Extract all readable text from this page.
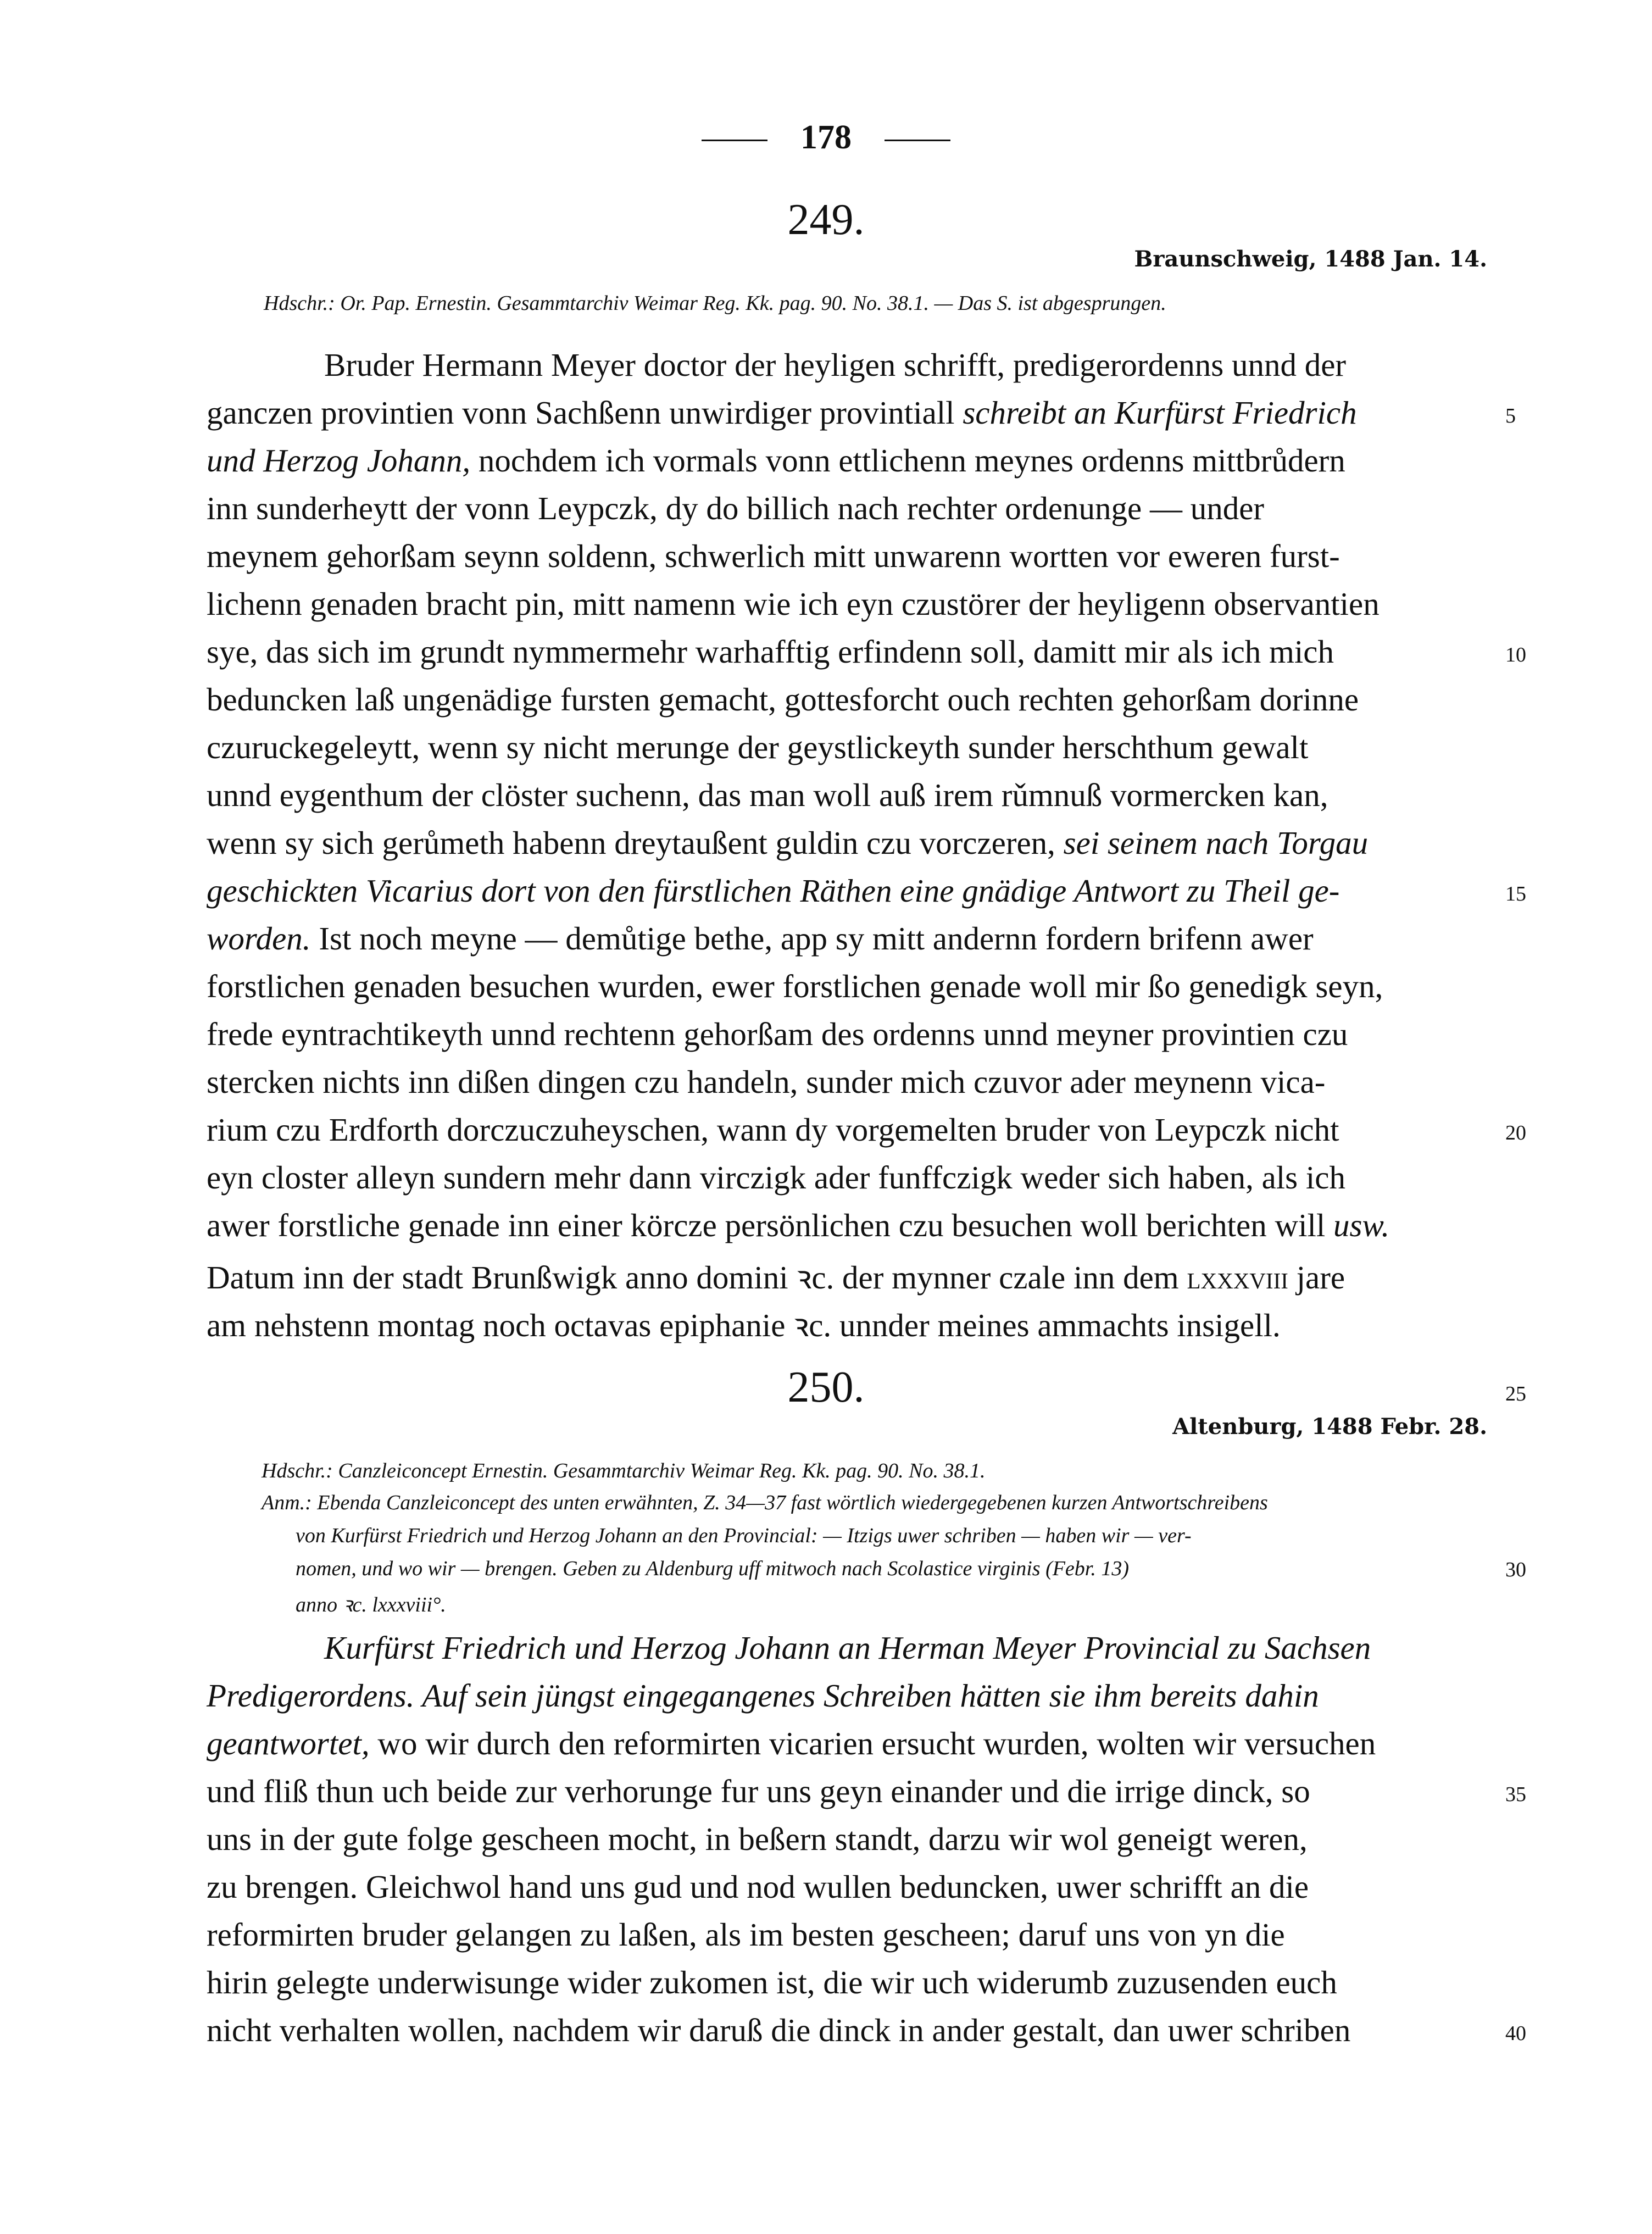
178
249.
Braunschweig, 1488 Jan. 14.
Hdschr.: Or. Pap. Ernestin. Gesammtarchiv Weimar Reg. Kk. pag. 90. No. 38.1. — Das S. ist abgesprungen.
Bruder Hermann Meyer doctor der heyligen schrifft, predigerordenns unnd der
ganczen provintien vonn Sachßenn unwirdiger provintiall schreibt an Kurfürst Friedrich
und Herzog Johann, nochdem ich vormals vonn ettlichenn meynes ordenns mittbrůdern
inn sunderheytt der vonn Leypczk, dy do billich nach rechter ordenunge — under
meynem gehorßam seynn soldenn, schwerlich mitt unwarenn wortten vor eweren furst-
lichenn genaden bracht pin, mitt namenn wie ich eyn czustörer der heyligenn observantien
sye, das sich im grundt nymmermehr warhafftig erfindenn soll, damitt mir als ich mich
beduncken laß ungenädige fursten gemacht, gottesforcht ouch rechten gehorßam dorinne
czuruckegeleytt, wenn sy nicht merunge der geystlickeyth sunder herschthum gewalt
unnd eygenthum der clöster suchenn, das man woll auß irem rǔmnuß vormercken kan,
wenn sy sich gerůmeth habenn dreytaußent guldin czu vorczeren, sei seinem nach Torgau
geschickten Vicarius dort von den fürstlichen Räthen eine gnädige Antwort zu Theil ge-
worden. Ist noch meyne — demůtige bethe, app sy mitt andernn fordern brifenn awer
forstlichen genaden besuchen wurden, ewer forstlichen genade woll mir ßo genedigk seyn,
frede eyntrachtikeyth unnd rechtenn gehorßam des ordenns unnd meyner provintien czu
stercken nichts inn dißen dingen czu handeln, sunder mich czuvor ader meynenn vica-
rium czu Erdforth dorczuczuheyschen, wann dy vorgemelten bruder von Leypczk nicht
eyn closter alleyn sundern mehr dann virczigk ader funffczigk weder sich haben, als ich
awer forstliche genade inn einer körcze persönlichen czu besuchen woll berichten will usw.
Datum inn der stadt Brunßwigk anno domini ꝛc. der mynner czale inn dem lxxxviii jare
am nehstenn montag noch octavas epiphanie ꝛc. unnder meines ammachts insigell.
5
10
15
20
250.	25
Altenburg, 1488 Febr. 28.
Hdschr.: Canzleiconcept Ernestin. Gesammtarchiv Weimar Reg. Kk. pag. 90. No. 38.1.
Anm.: Ebenda Canzleiconcept des unten erwähnten, Z. 34—37 fast wörtlich wiedergegebenen kurzen Antwortschreibens
von Kurfürst Friedrich und Herzog Johann an den Provincial: — Itzigs uwer schriben — haben wir — ver-
nomen, und wo wir — brengen. Geben zu Aldenburg uff mitwoch nach Scolastice virginis (Febr. 13)
anno ꝛc. lxxxviii°.
30
Kurfürst Friedrich und Herzog Johann an Herman Meyer Provincial zu Sachsen
Predigerordens. Auf sein jüngst eingegangenes Schreiben hätten sie ihm bereits dahin
geantwortet, wo wir durch den reformirten vicarien ersucht wurden, wolten wir versuchen
und fliß thun uch beide zur verhorunge fur uns geyn einander und die irrige dinck, so
uns in der gute folge gescheen mocht, in beßern standt, darzu wir wol geneigt weren,
zu brengen. Gleichwol hand uns gud und nod wullen beduncken, uwer schrifft an die
reformirten bruder gelangen zu laßen, als im besten gescheen; daruf uns von yn die
hirin gelegte underwisunge wider zukomen ist, die wir uch widerumb zuzusenden euch
nicht verhalten wollen, nachdem wir daruß die dinck in ander gestalt, dan uwer schriben
35
40
